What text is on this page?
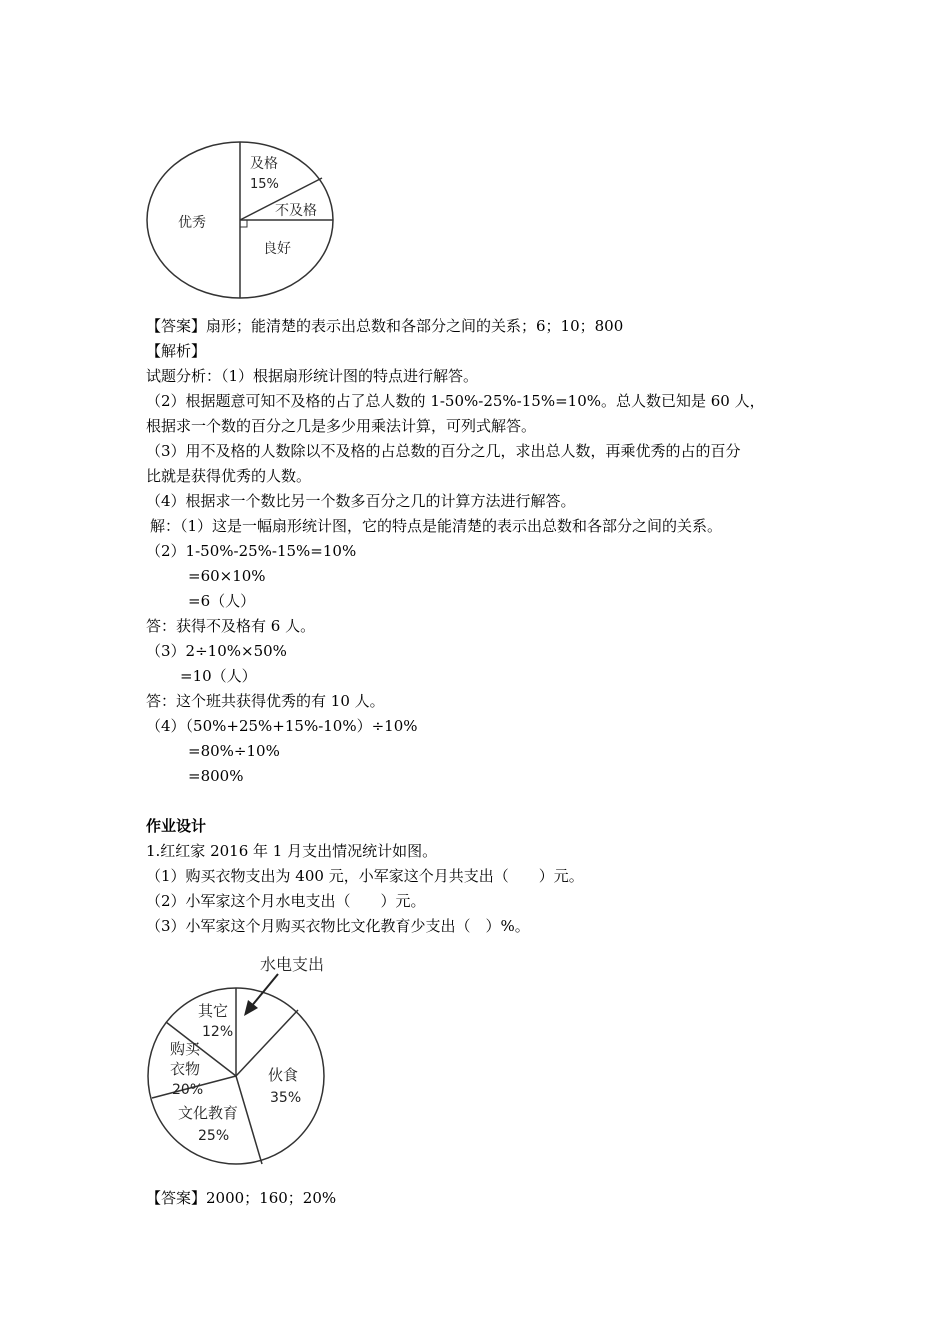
优秀
及格
15%
不及格
良好
【答案】扇形；能清楚的表示出总数和各部分之间的关系；6；10；800
【解析】
试题分析：（1）根据扇形统计图的特点进行解答。
（2）根据题意可知不及格的占了总人数的 1-50%-25%-15%=10%。总人数已知是 60 人，
根据求一个数的百分之几是多少用乘法计算，可列式解答。
（3）用不及格的人数除以不及格的占总数的百分之几，求出总人数，再乘优秀的占的百分
比就是获得优秀的人数。
（4）根据求一个数比另一个数多百分之几的计算方法进行解答。
解：（1）这是一幅扇形统计图，它的特点是能清楚的表示出总数和各部分之间的关系。
（2）1-50%-25%-15%=10%
=60×10%
=6（人）
答：获得不及格有 6 人。
（3）2÷10%×50%
=10（人）
答：这个班共获得优秀的有 10 人。
（4）（50%+25%+15%-10%）÷10%
=80%÷10%
=800%
作业设计
1.红红家 2016 年 1 月支出情况统计如图。
（1）购买衣物支出为 400 元，小军家这个月共支出（　　）元。
（2）小军家这个月水电支出（　　）元。
（3）小军家这个月购买衣物比文化教育少支出（　）%。
水电支出
其它
12%
购买
衣物
20%
伙食
35%
文化教育
25%
【答案】2000；160；20%
